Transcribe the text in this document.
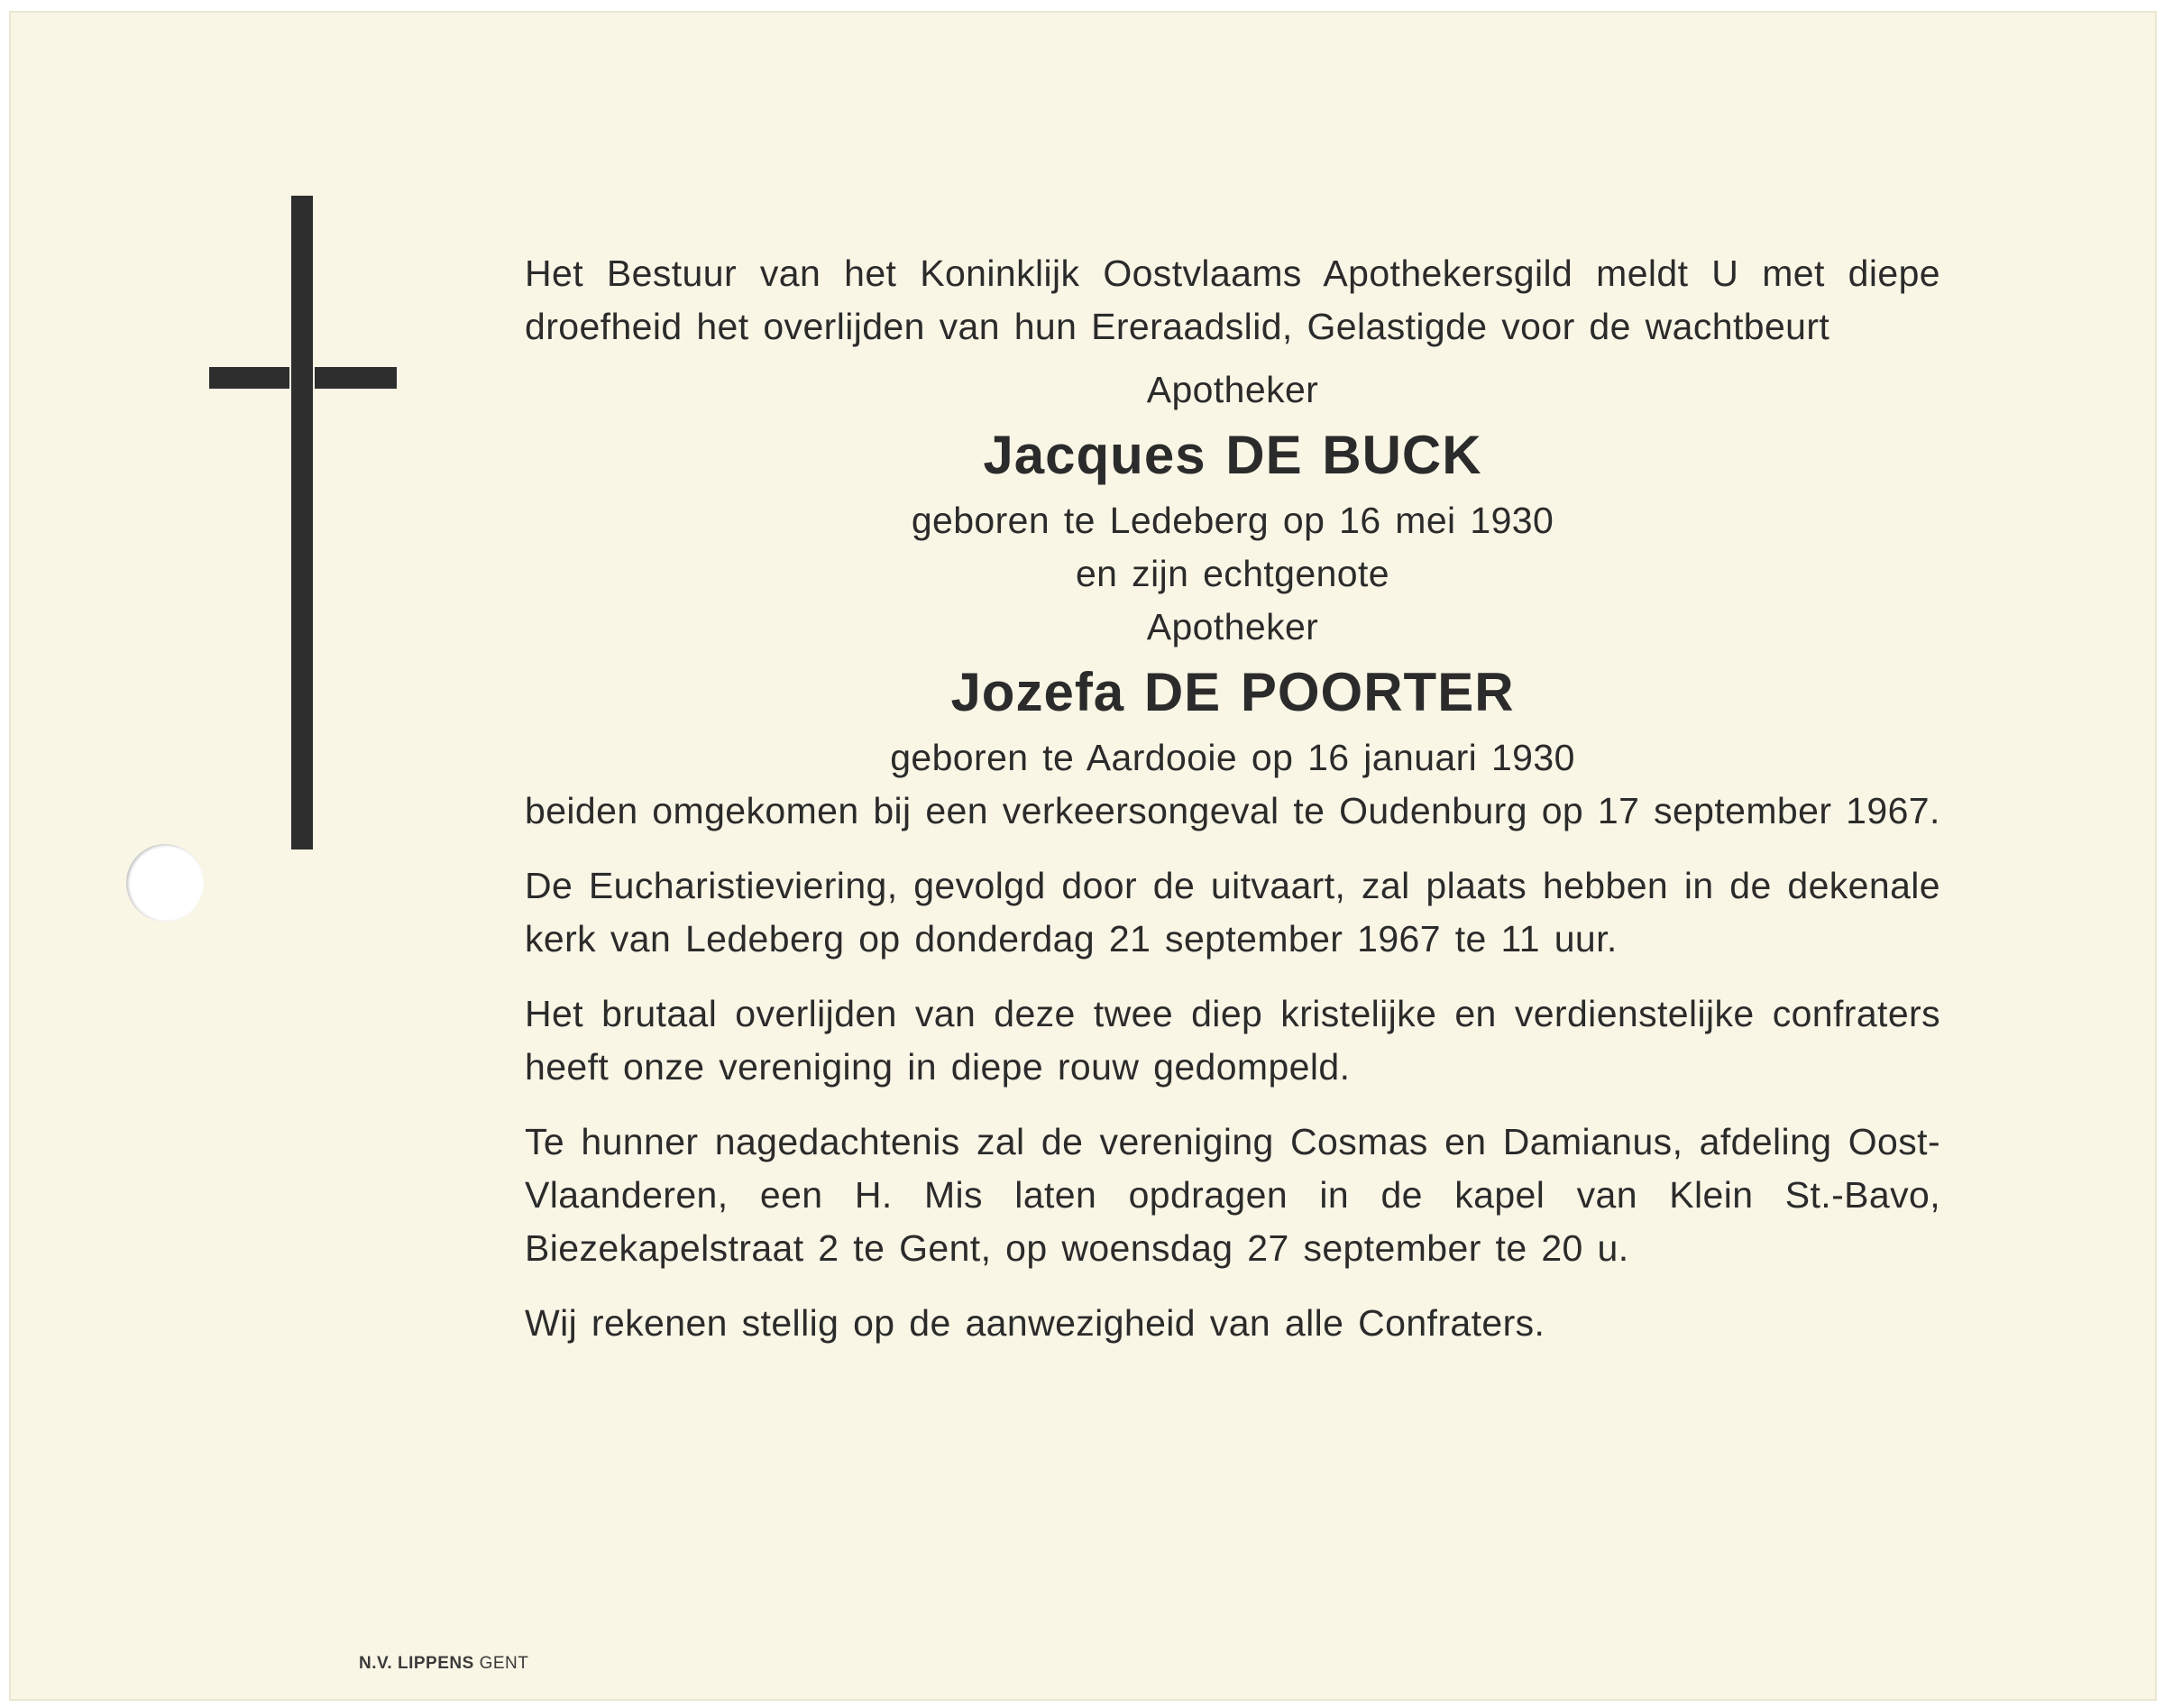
Het Bestuur van het Koninklijk Oostvlaams Apothekersgild meldt U met diepe droefheid het overlijden van hun Ereraadslid, Gelastigde voor de wachtbeurt

Apotheker

Jacques DE BUCK

geboren te Ledeberg op 16 mei 1930

en zijn echtgenote

Apotheker

Jozefa DE POORTER

geboren te Aardooie op 16 januari 1930

beiden omgekomen bij een verkeersongeval te Oudenburg op 17 september 1967.

De Eucharistieviering, gevolgd door de uitvaart, zal plaats hebben in de dekenale kerk van Ledeberg op donderdag 21 september 1967 te 11 uur.

Het brutaal overlijden van deze twee diep kristelijke en verdienstelijke confraters heeft onze vereniging in diepe rouw gedompeld.

Te hunner nagedachtenis zal de vereniging Cosmas en Damianus, afdeling Oost-Vlaanderen, een H. Mis laten opdragen in de kapel van Klein St.-Bavo, Biezekapelstraat 2 te Gent, op woensdag 27 september te 20 u.

Wij rekenen stellig op de aanwezigheid van alle Confraters.

N.V. LIPPENS GENT
